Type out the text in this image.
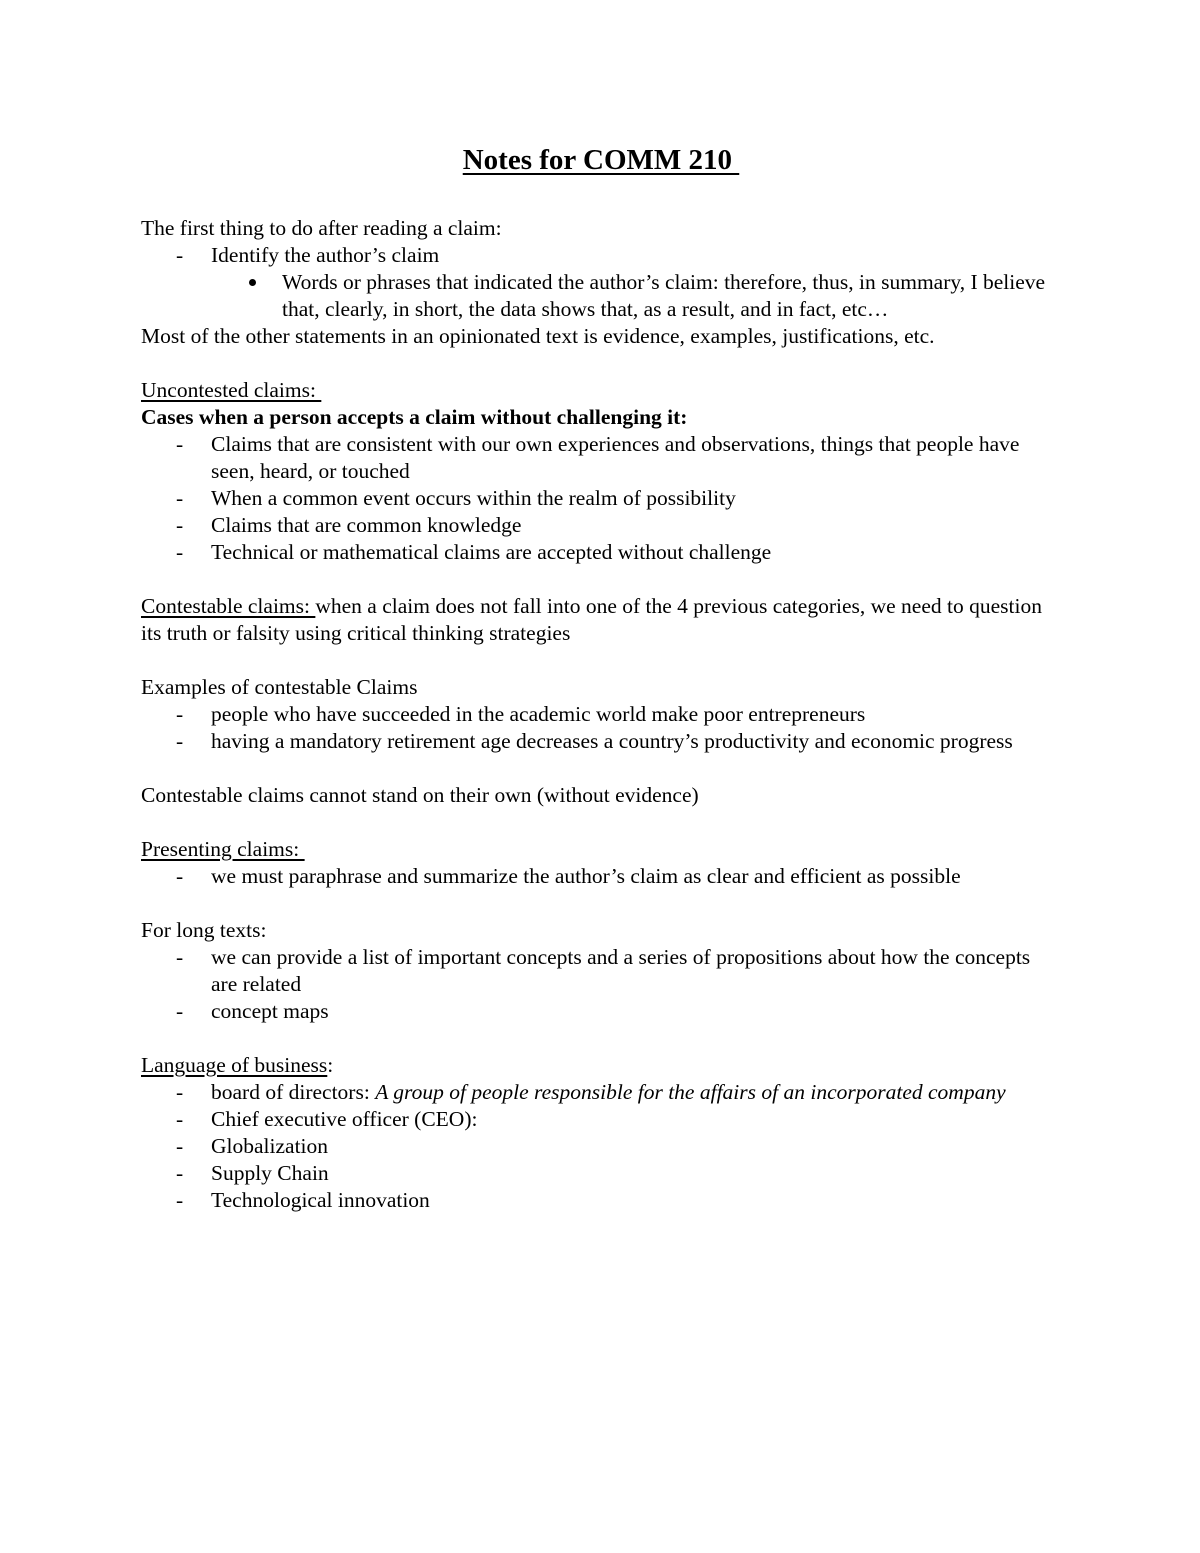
Notes for COMM 210

The first thing to do after reading a claim:

- Identify the author’s claim
Words or phrases that indicated the author’s claim: therefore, thus, in summary, I believe that, clearly, in short, the data shows that, as a result, and in fact, etc…

Most of the other statements in an opinionated text is evidence, examples, justifications, etc.

Uncontested claims:

Cases when a person accepts a claim without challenging it:

- Claims that are consistent with our own experiences and observations, things that people have seen, heard, or touched
- When a common event occurs within the realm of possibility
- Claims that are common knowledge
- Technical or mathematical claims are accepted without challenge

Contestable claims: when a claim does not fall into one of the 4 previous categories, we need to question its truth or falsity using critical thinking strategies

Examples of contestable Claims

- people who have succeeded in the academic world make poor entrepreneurs
- having a mandatory retirement age decreases a country’s productivity and economic progress

Contestable claims cannot stand on their own (without evidence)

Presenting claims:

- we must paraphrase and summarize the author’s claim as clear and efficient as possible

For long texts:

- we can provide a list of important concepts and a series of propositions about how the concepts are related
- concept maps

Language of business:

- board of directors: A group of people responsible for the affairs of an incorporated company
- Chief executive officer (CEO):
- Globalization
- Supply Chain
- Technological innovation
